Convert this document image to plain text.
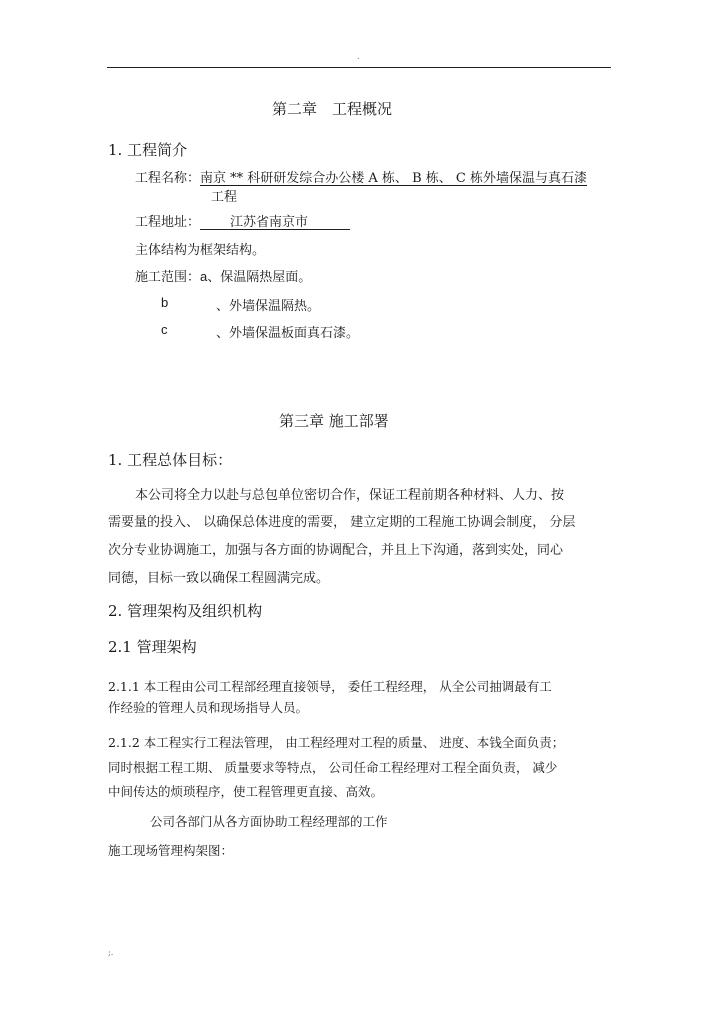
.
第二章　工程概况
1. 工程简介
工程名称：南京 ** 科研研发综合办公楼 A 栋、 B 栋、 C 栋外墙保温与真石漆
工程
工程地址： 江苏省南京市
主体结构为框架结构。
施工范围：a、保温隔热屋面。
b	、外墙保温隔热。
c	、外墙保温板面真石漆。
第三章 施工部署
1. 工程总体目标：
本公司将全力以赴与总包单位密切合作，保证工程前期各种材料、人力、按
需要量的投入、 以确保总体进度的需要， 建立定期的工程施工协调会制度， 分层
次分专业协调施工，加强与各方面的协调配合，并且上下沟通，落到实处，同心
同德，目标一致以确保工程圆满完成。
2. 管理架构及组织机构
2.1 管理架构
2.1.1 本工程由公司工程部经理直接领导， 委任工程经理， 从全公司抽调最有工
作经验的管理人员和现场指导人员。
2.1.2 本工程实行工程法管理， 由工程经理对工程的质量、 进度、本钱全面负责；
同时根据工程工期、 质量要求等特点， 公司任命工程经理对工程全面负责， 减少
中间传达的烦琐程序，使工程管理更直接、高效。
公司各部门从各方面协助工程经理部的工作
施工现场管理构架图：
;.
